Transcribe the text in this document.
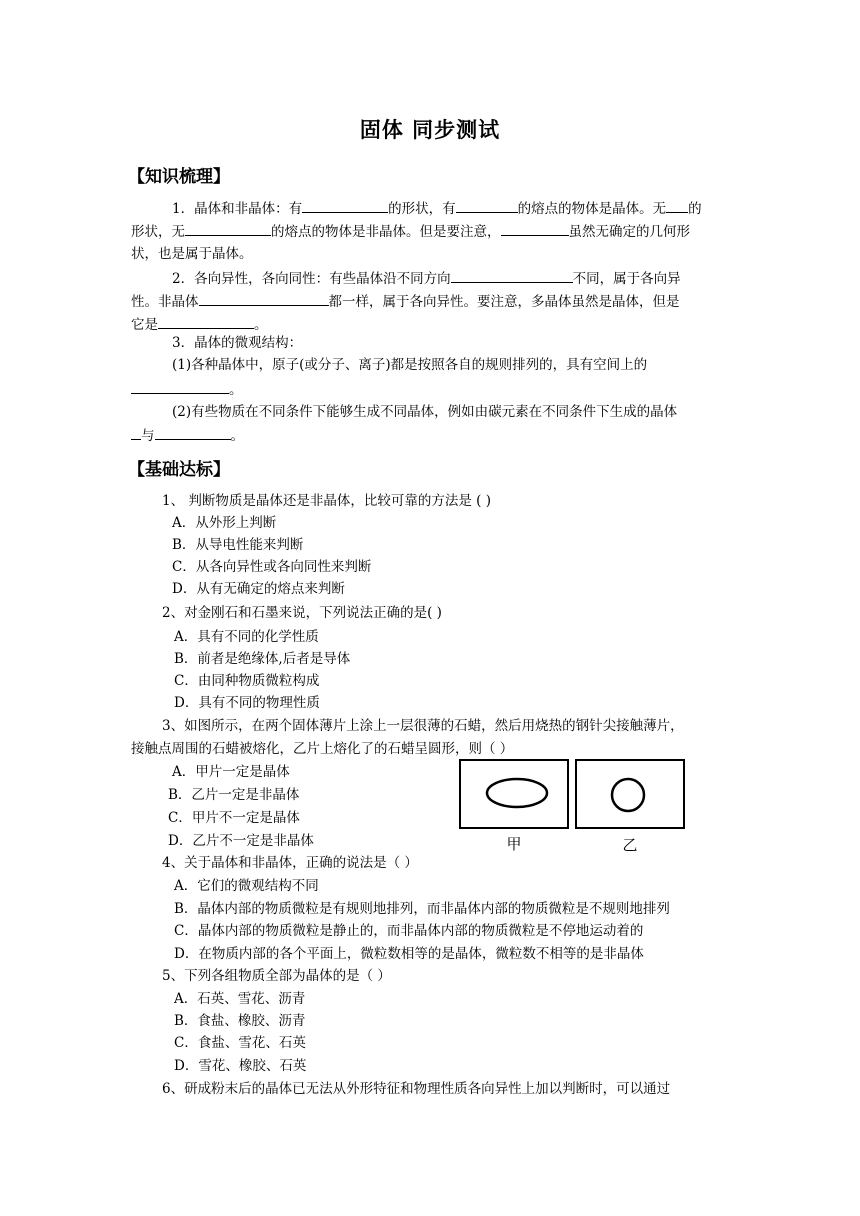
固体 同步测试
【知识梳理】
1．晶体和非晶体：有	的形状，有	的熔点的物体是晶体。无 的
形状，无	的熔点的物体是非晶体。但是要注意，	虽然无确定的几何形
状，也是属于晶体。
2．各向异性，各向同性：有些晶体沿不同方向	不同，属于各向异
性。非晶体	都一样，属于各向异性。要注意，多晶体虽然是晶体，但是
它是	。
3．晶体的微观结构：
(1)各种晶体中，原子(或分子、离子)都是按照各自的规则排列的，具有空间上的
。
(2)有些物质在不同条件下能够生成不同晶体，例如由碳元素在不同条件下生成的晶体
与	。
【基础达标】
1、 判断物质是晶体还是非晶体，比较可靠的方法是 ( )
A．从外形上判断
B．从导电性能来判断
C．从各向异性或各向同性来判断
D．从有无确定的熔点来判断
2、对金刚石和石墨来说，下列说法正确的是( )
A．具有不同的化学性质
B．前者是绝缘体,后者是导体
C．由同种物质微粒构成
D．具有不同的物理性质
3、如图所示，在两个固体薄片上涂上一层很薄的石蜡，然后用烧热的钢针尖接触薄片，
接触点周围的石蜡被熔化，乙片上熔化了的石蜡呈圆形，则（ ）
A．甲片一定是晶体
B．乙片一定是非晶体
C．甲片不一定是晶体
D．乙片不一定是非晶体	甲	乙
4、关于晶体和非晶体，正确的说法是（ ）
A．它们的微观结构不同
B．晶体内部的物质微粒是有规则地排列，而非晶体内部的物质微粒是不规则地排列
C．晶体内部的物质微粒是静止的，而非晶体内部的物质微粒是不停地运动着的
D．在物质内部的各个平面上，微粒数相等的是晶体，微粒数不相等的是非晶体
5、下列各组物质全部为晶体的是（ ）
A．石英、雪花、沥青
B．食盐、橡胶、沥青
C．食盐、雪花、石英
D．雪花、橡胶、石英
6、研成粉末后的晶体已无法从外形特征和物理性质各向异性上加以判断时，可以通过
